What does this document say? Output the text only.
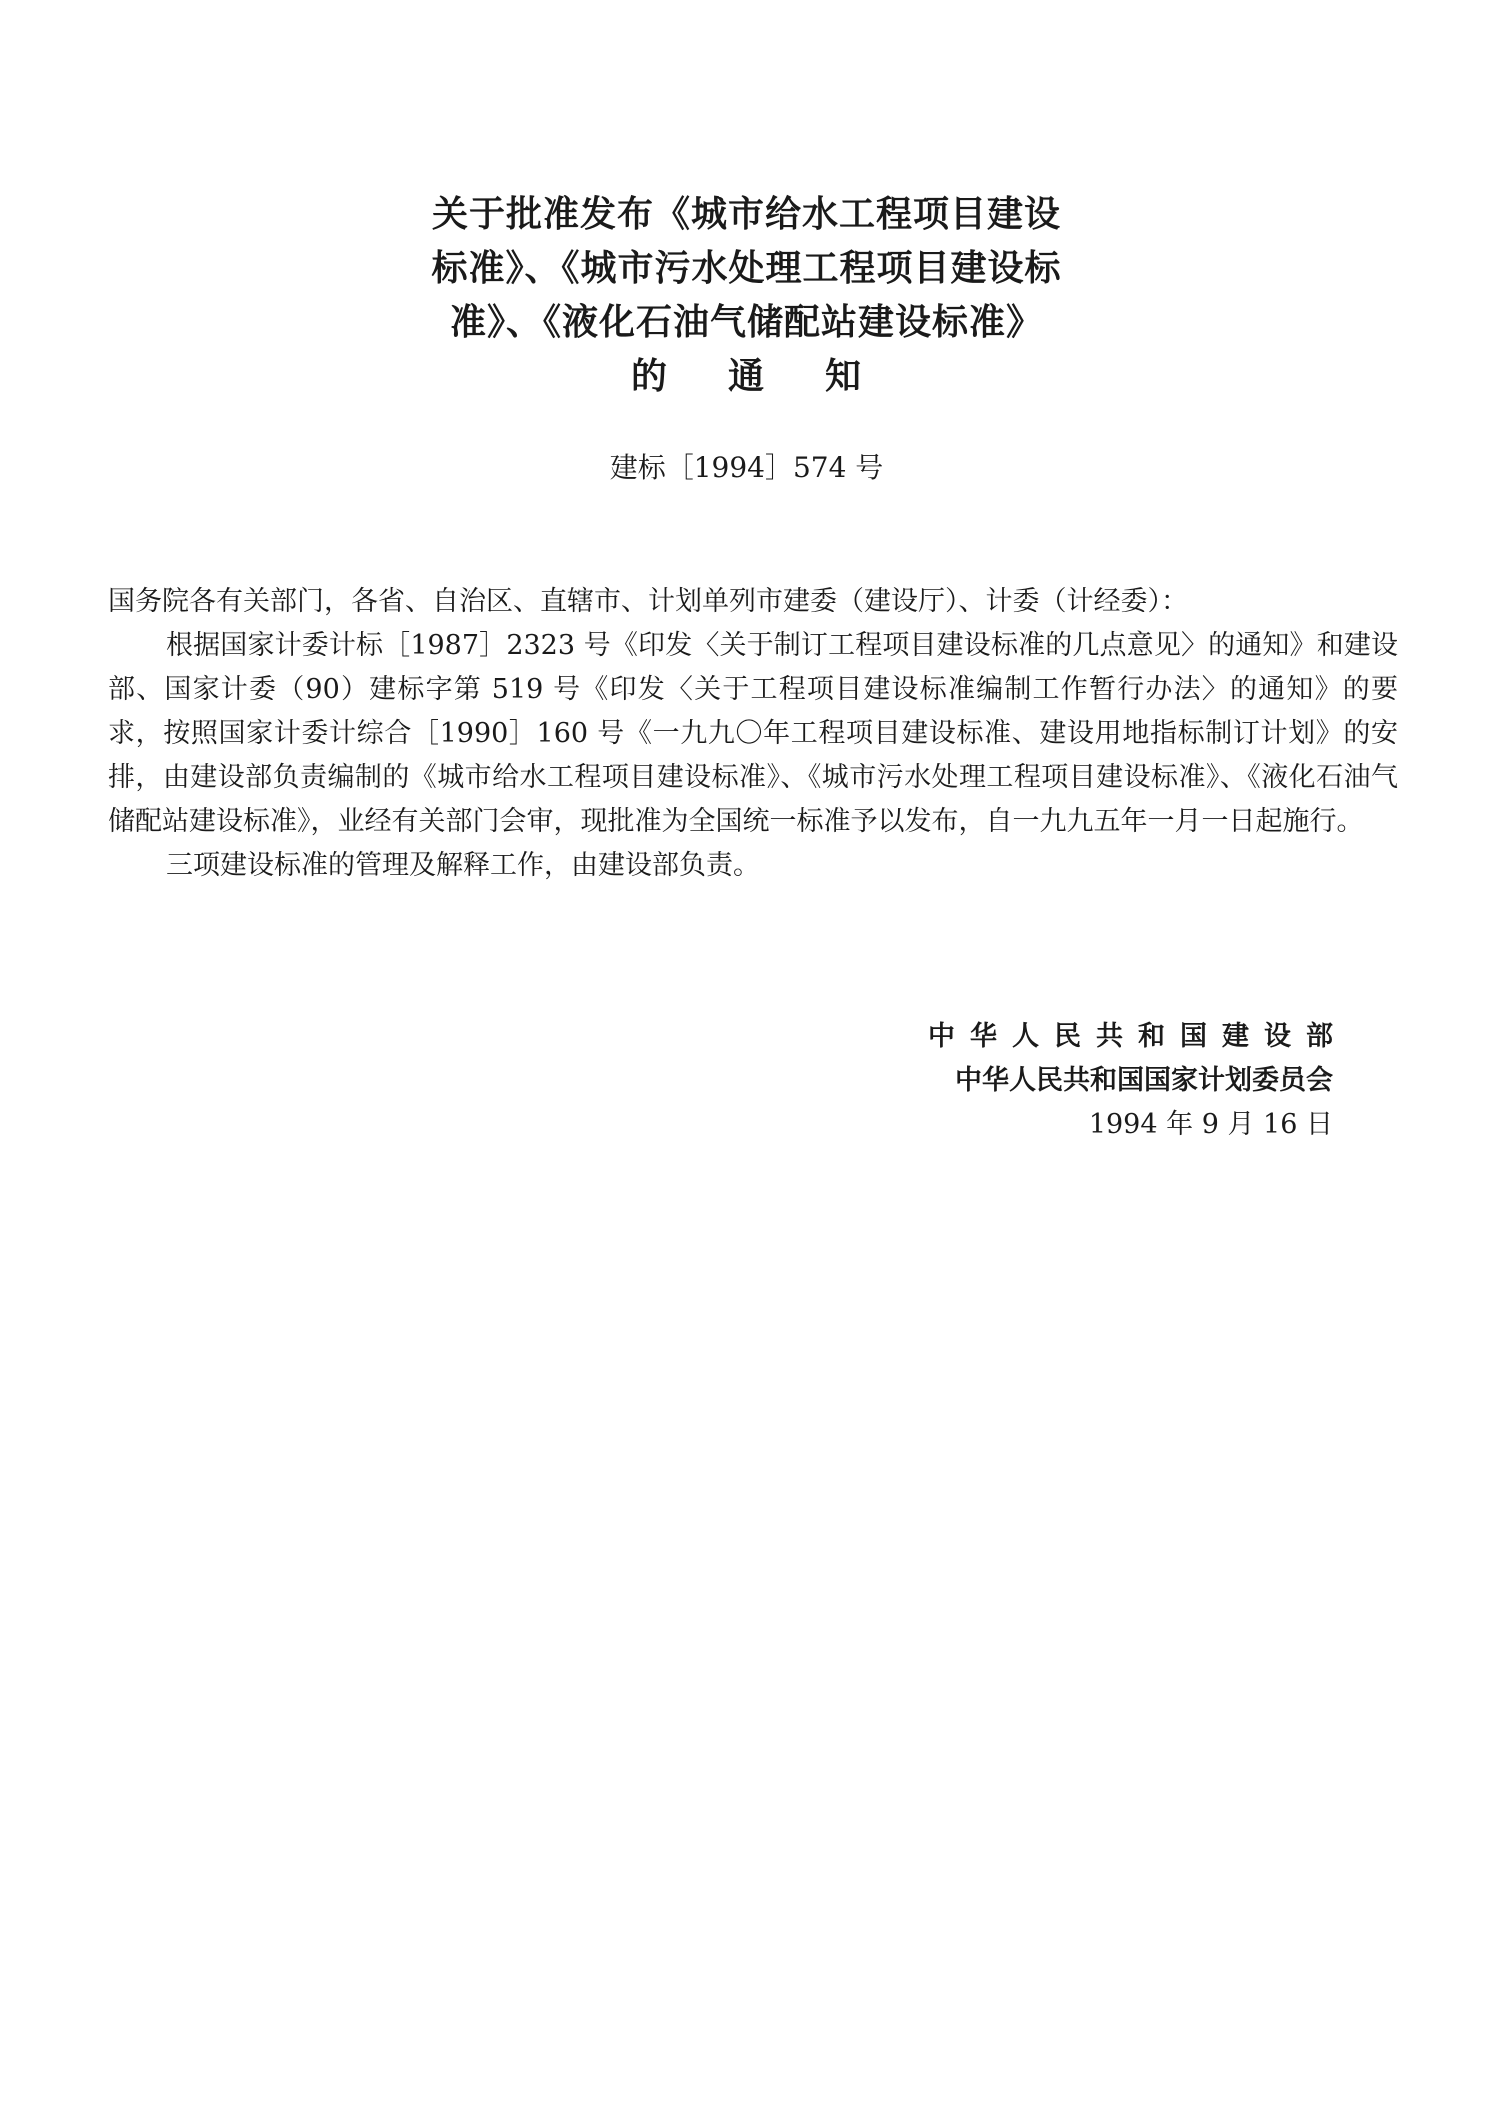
关于批准发布《城市给水工程项目建设
标准》、《城市污水处理工程项目建设标
准》、《液化石油气储配站建设标准》
的 通 知
建标［1994］574 号

国务院各有关部门，各省、自治区、直辖市、计划单列市建委（建设厅）、计委（计经委）：

根据国家计委计标［1987］2323 号《印发〈关于制订工程项目建设标准的几点意见〉的通知》和建设部、国家计委（90）建标字第 519 号《印发〈关于工程项目建设标准编制工作暂行办法〉的通知》的要求，按照国家计委计综合［1990］160 号《一九九〇年工程项目建设标准、建设用地指标制订计划》的安排，由建设部负责编制的《城市给水工程项目建设标准》、《城市污水处理工程项目建设标准》、《液化石油气储配站建设标准》，业经有关部门会审，现批准为全国统一标准予以发布，自一九九五年一月一日起施行。

三项建设标准的管理及解释工作，由建设部负责。

中华人民共和国建设部
中华人民共和国国家计划委员会
1994 年 9 月 16 日
